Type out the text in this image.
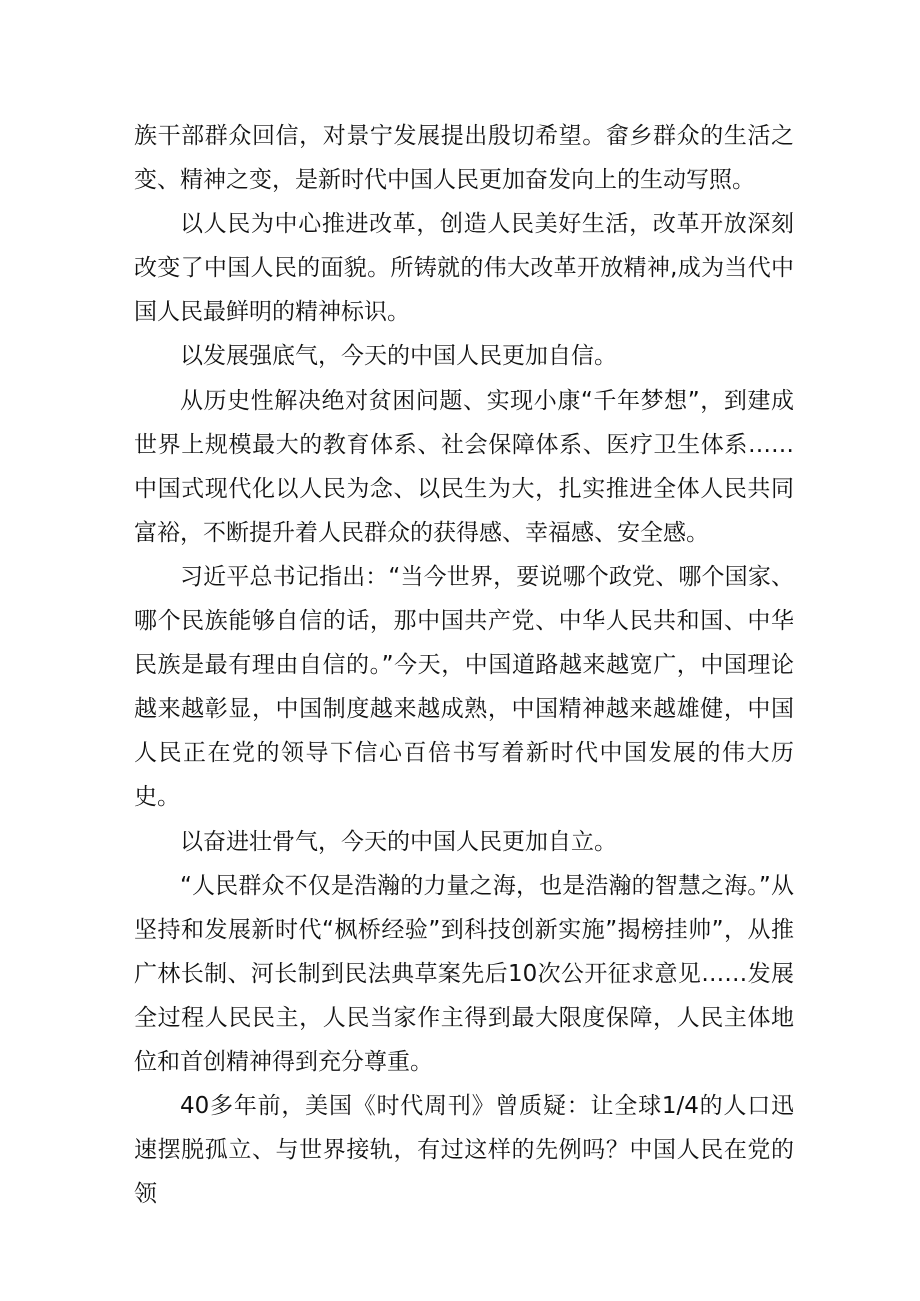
族干部群众回信，对景宁发展提出殷切希望。畲乡群众的生活之变、精神之变，是新时代中国人民更加奋发向上的生动写照。

以人民为中心推进改革，创造人民美好生活，改革开放深刻改变了中国人民的面貌。所铸就的伟大改革开放精神,成为当代中国人民最鲜明的精神标识。

以发展强底气，今天的中国人民更加自信。

从历史性解决绝对贫困问题、实现小康“千年梦想”，到建成世界上规模最大的教育体系、社会保障体系、医疗卫生体系……中国式现代化以人民为念、以民生为大，扎实推进全体人民共同富裕，不断提升着人民群众的获得感、幸福感、安全感。

习近平总书记指出：“当今世界，要说哪个政党、哪个国家、哪个民族能够自信的话，那中国共产党、中华人民共和国、中华民族是最有理由自信的。”今天，中国道路越来越宽广，中国理论越来越彰显，中国制度越来越成熟，中国精神越来越雄健，中国人民正在党的领导下信心百倍书写着新时代中国发展的伟大历史。

以奋进壮骨气，今天的中国人民更加自立。

“人民群众不仅是浩瀚的力量之海，也是浩瀚的智慧之海。”从坚持和发展新时代“枫桥经验”到科技创新实施”揭榜挂帅”，从推广林长制、河长制到民法典草案先后10次公开征求意见……发展全过程人民民主，人民当家作主得到最大限度保障，人民主体地位和首创精神得到充分尊重。

40多年前，美国《时代周刊》曾质疑：让全球1/4的人口迅速摆脱孤立、与世界接轨，有过这样的先例吗？中国人民在党的领
